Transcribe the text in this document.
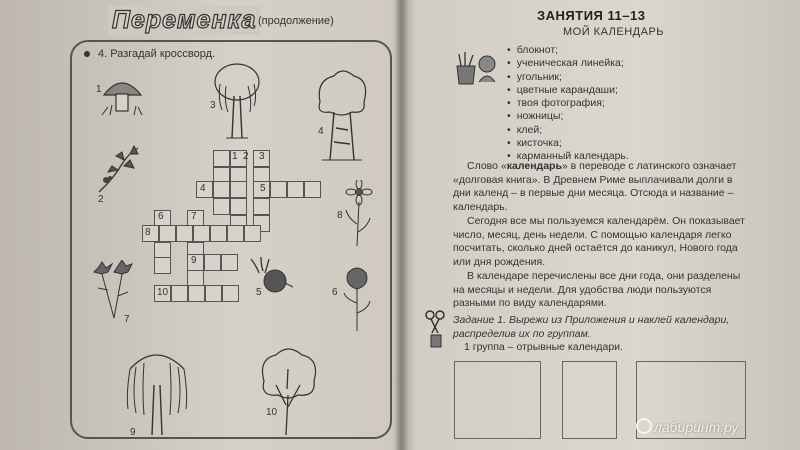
Переменка (продолжение)
4. Разгадай кроссворд.
1
3
4
2
8
7
5	6
9
10
1 2 3
4	5
6	7
8
9
10
ЗАНЯТИЯ 11–13
МОЙ КАЛЕНДАРЬ
• блокнот;
• ученическая линейка;
• угольник;
• цветные карандаши;
• твоя фотография;
• ножницы;
• клей;
• кисточка;
• карманный календарь.

Слово «календарь» в переводе с латинского означает «долговая книга». В Древнем Риме выплачивали долги в дни календ – в первые дни месяца. Отсюда и название – календарь.

Сегодня все мы пользуемся календарём. Он показывает число, месяц, день недели. С помощью календаря легко посчитать, сколько дней остаётся до каникул, Нового года или дня рождения.

В календаре перечислены все дни года, они разделены на месяцы и недели. Для удобства люди пользуются разными по виду календарями.

Задание 1. Вырежи из Приложения и наклей календари, распределив их по группам.
1 группа – отрывные календари.
лабиринт.ру
